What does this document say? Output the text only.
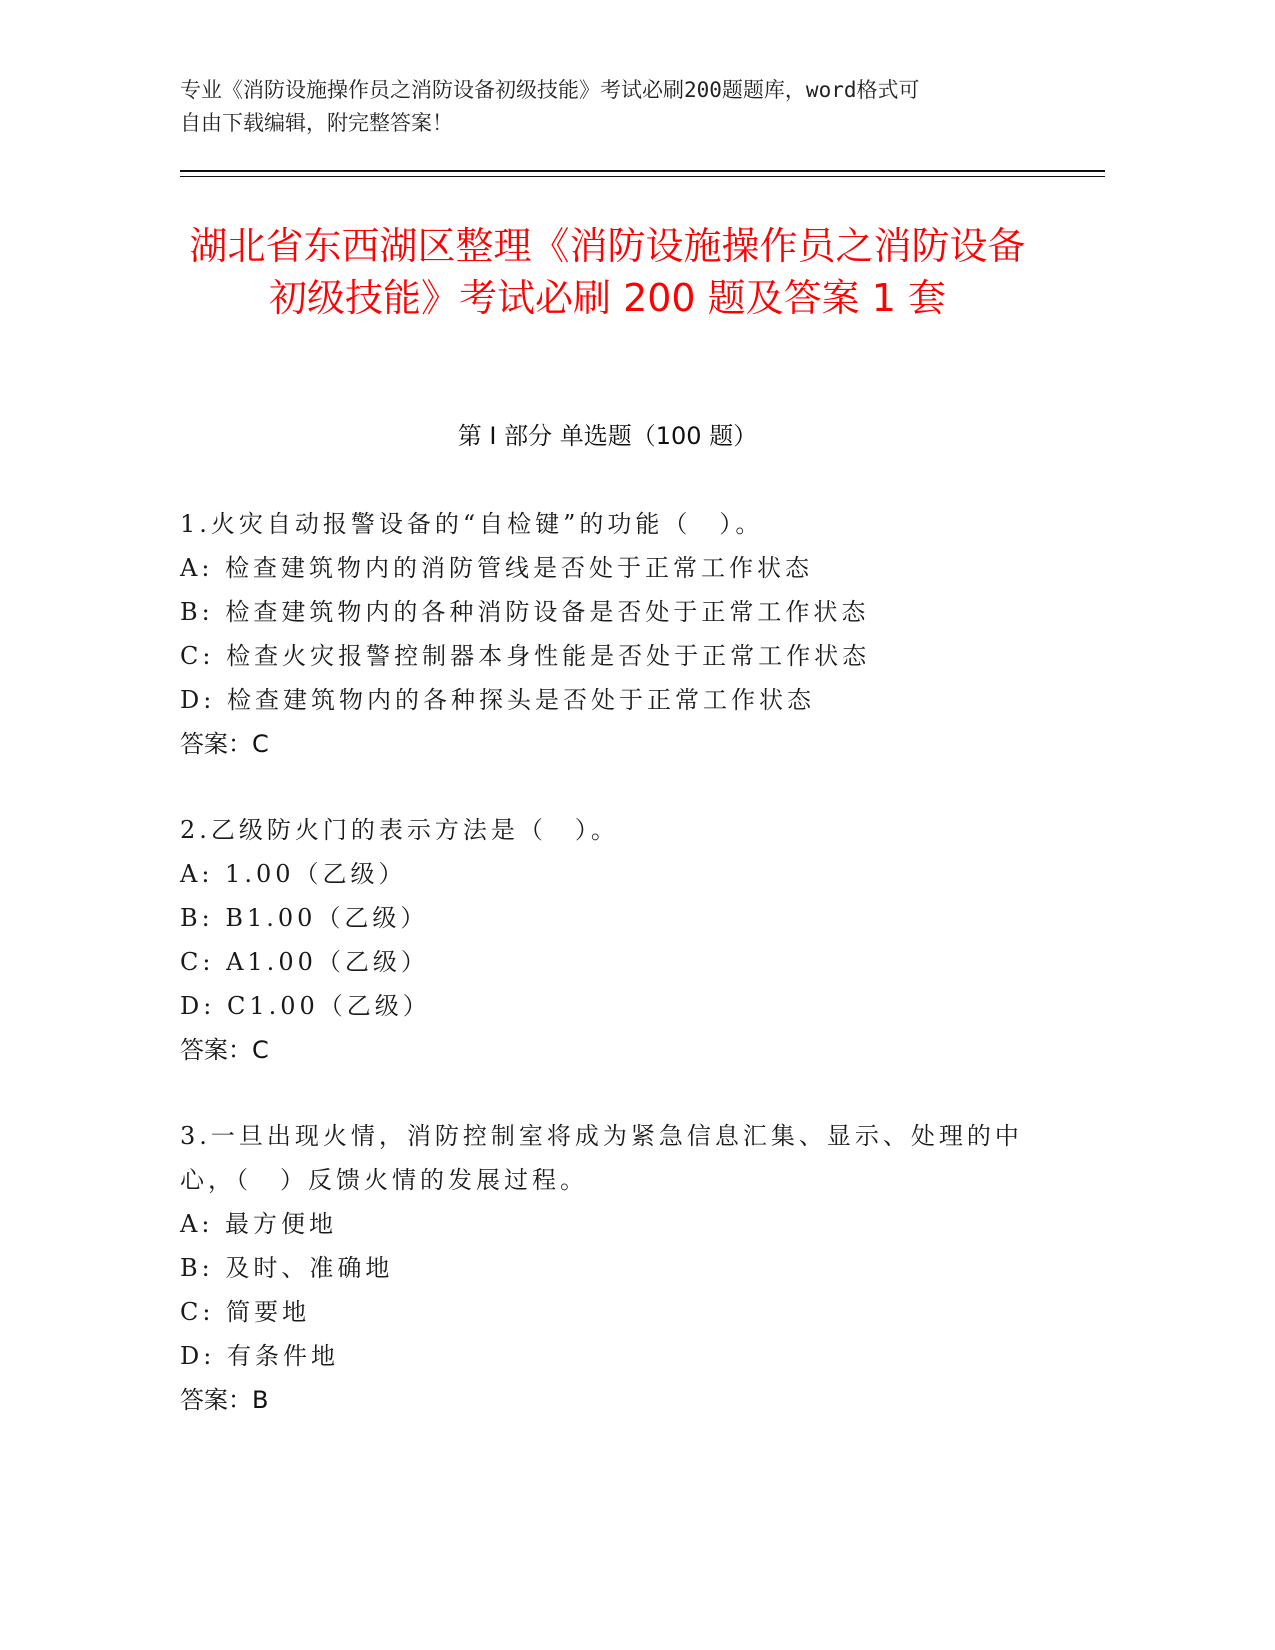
专业《消防设施操作员之消防设备初级技能》考试必刷200题题库，word格式可
自由下载编辑，附完整答案！
湖北省东西湖区整理《消防设施操作员之消防设备初级技能》考试必刷 200 题及答案 1 套
第 I 部分 单选题（100 题）
1.火灾自动报警设备的“自检键”的功能（　）。
A: 检查建筑物内的消防管线是否处于正常工作状态
B: 检查建筑物内的各种消防设备是否处于正常工作状态
C: 检查火灾报警控制器本身性能是否处于正常工作状态
D: 检查建筑物内的各种探头是否处于正常工作状态
答案：C
2.乙级防火门的表示方法是（　）。
A: 1.00（乙级）
B: B1.00（乙级）
C: A1.00（乙级）
D: C1.00（乙级）
答案：C
3.一旦出现火情，消防控制室将成为紧急信息汇集、显示、处理的中心，（　）反馈火情的发展过程。
A: 最方便地
B: 及时、准确地
C: 简要地
D: 有条件地
答案：B
